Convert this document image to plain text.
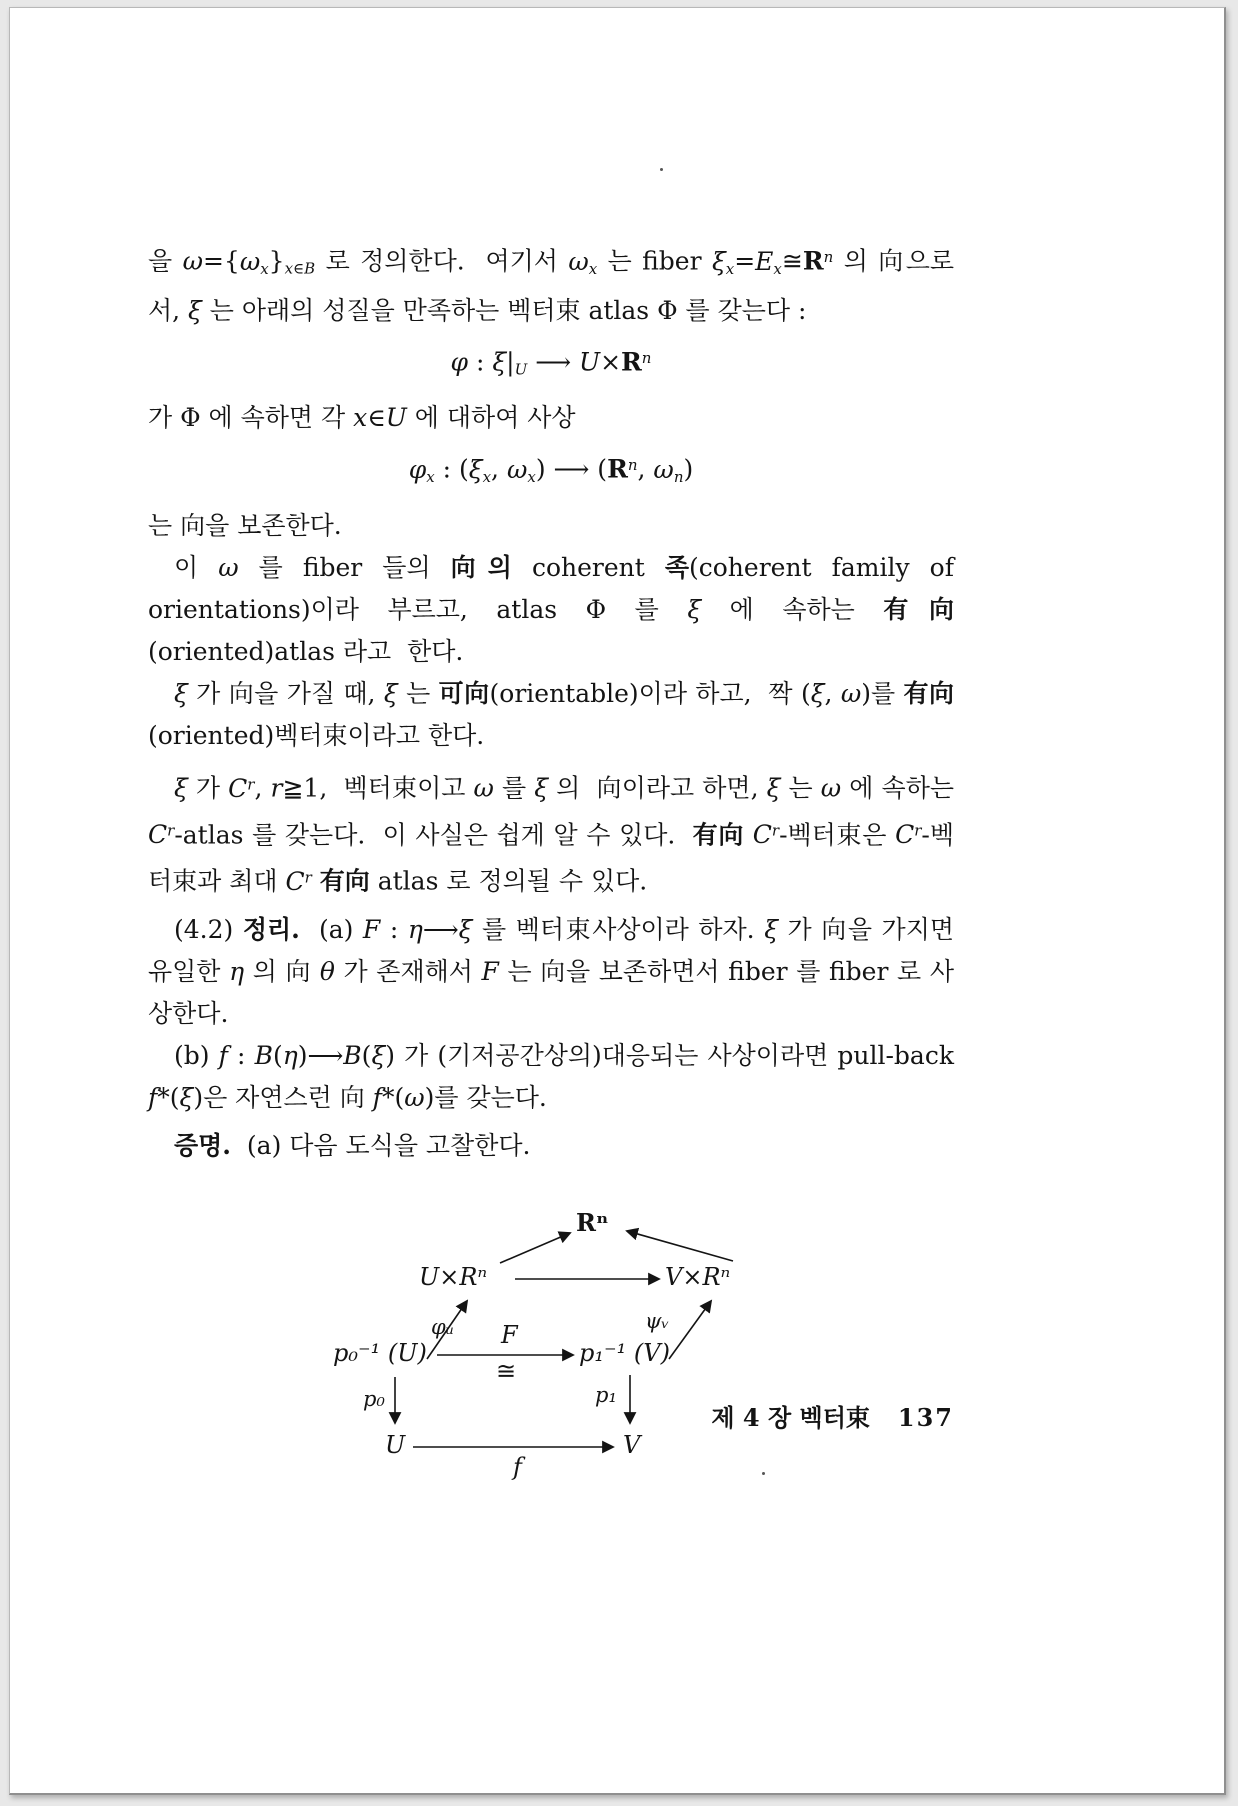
을 $\omega=\{\omega_x\}_{x\in B}$ 로 정의한다.  여기서 $\omega_x$ 는 fiber $\xi_x=E_x≅R^n$ 의 向으로서, ξ 는 아래의 성질을 만족하는 벡터束 atlas Φ 를 갖는다 :

φ : $\xi|_U$ ⟶ $U\times R^n$

가 Φ 에 속하면 각 x∈U 에 대하여 사상

$\varphi_x$ : ($\xi_x$, $\omega_x$) ⟶ ($R^n$, $\omega_n$)

는 向을 보존한다.

이 ω 를 fiber 들의 向의 coherent 족(coherent family of orientations)이라 부르고, atlas Φ 를 ξ 에 속하는 有向(oriented)atlas 라고  한다.

ξ 가 向을 가질 때, ξ 는 可向(orientable)이라 하고,  짝 (ξ, ω)를 有向(oriented)벡터束이라고 한다.

ξ 가 $C^r$, r≧1,  벡터束이고 ω 를 ξ 의  向이라고 하면, ξ 는 ω 에 속하는 $C^r$-atlas 를 갖는다.  이 사실은 쉽게 알 수 있다.  有向 $C^r-$벡터束은 $C^r-$벡터束과 최대 $C^r$ 有向 atlas 로 정의될 수 있다.

(4.2) 정리.  (a) F : η⟶ξ 를 벡터束사상이라 하자. ξ 가 向을 가지면 유일한 η 의 向 θ 가 존재해서 F 는 向을 보존하면서 fiber 를 fiber 로 사상한다.

(b) f : B(η)⟶B(ξ) 가 (기저공간상의)대응되는 사상이라면 pull-back f*(ξ)은 자연스런 向 f*(ω)를 갖는다.

증명.  (a) 다음 도식을 고찰한다.

Rⁿ
U×Rⁿ	V×Rⁿ
φᵤ	ψᵥ
p₀⁻¹ (U)
F
≅
p₁⁻¹ (V)
p₀	p₁
U	V
f
제 4 장 벡터束 137
